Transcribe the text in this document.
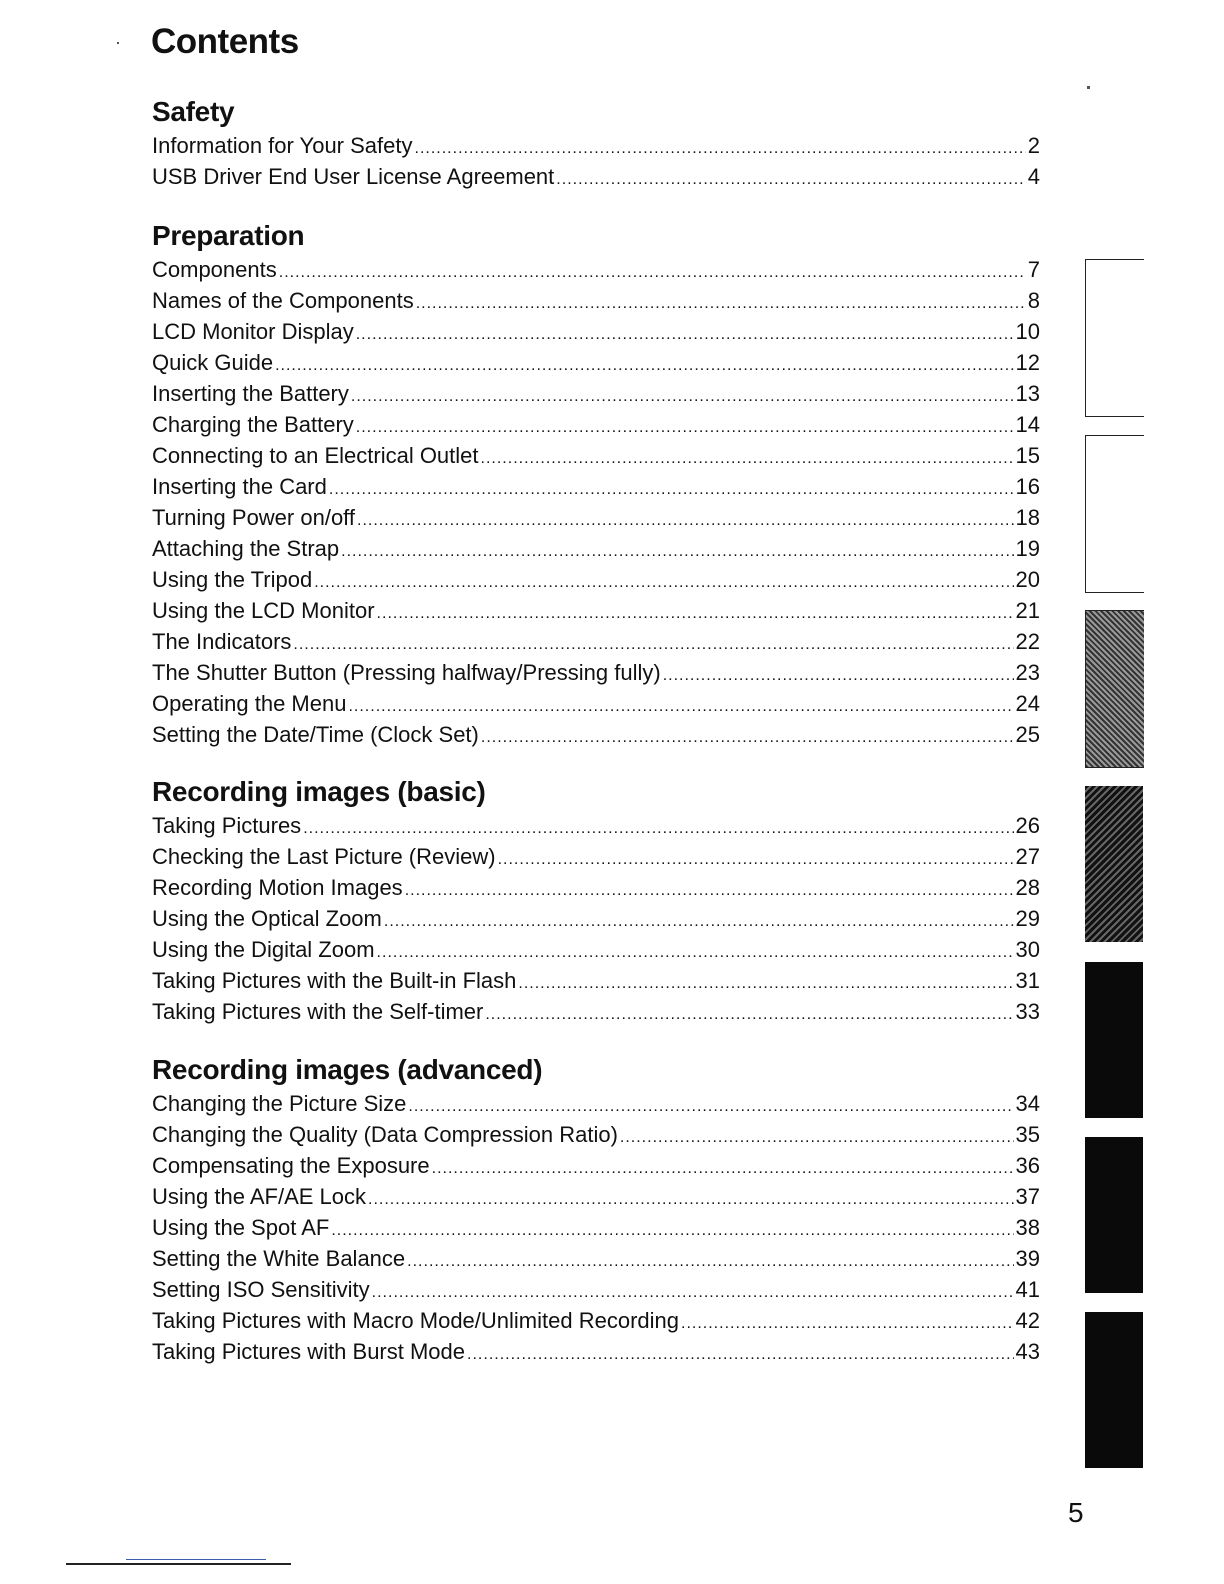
Contents
Safety
Information for Your Safety .....	2
USB Driver End User License Agreement .....	4
Preparation
Components .....	7
Names of the Components .....	8
LCD Monitor Display .....	10
Quick Guide .....	12
Inserting the Battery .....	13
Charging the Battery .....	14
Connecting to an Electrical Outlet .....	15
Inserting the Card .....	16
Turning Power on/off .....	18
Attaching the Strap .....	19
Using the Tripod .....	20
Using the LCD Monitor .....	21
The Indicators .....	22
The Shutter Button (Pressing halfway/Pressing fully) .....	23
Operating the Menu .....	24
Setting the Date/Time (Clock Set) .....	25
Recording images (basic)
Taking Pictures .....	26
Checking the Last Picture (Review) .....	27
Recording Motion Images .....	28
Using the Optical Zoom .....	29
Using the Digital Zoom .....	30
Taking Pictures with the Built-in Flash .....	31
Taking Pictures with the Self-timer .....	33
Recording images (advanced)
Changing the Picture Size .....	34
Changing the Quality (Data Compression Ratio) .....	35
Compensating the Exposure .....	36
Using the AF/AE Lock .....	37
Using the Spot AF .....	38
Setting the White Balance .....	39
Setting ISO Sensitivity .....	41
Taking Pictures with Macro Mode/Unlimited Recording .....	42
Taking Pictures with Burst Mode .....	43
5
